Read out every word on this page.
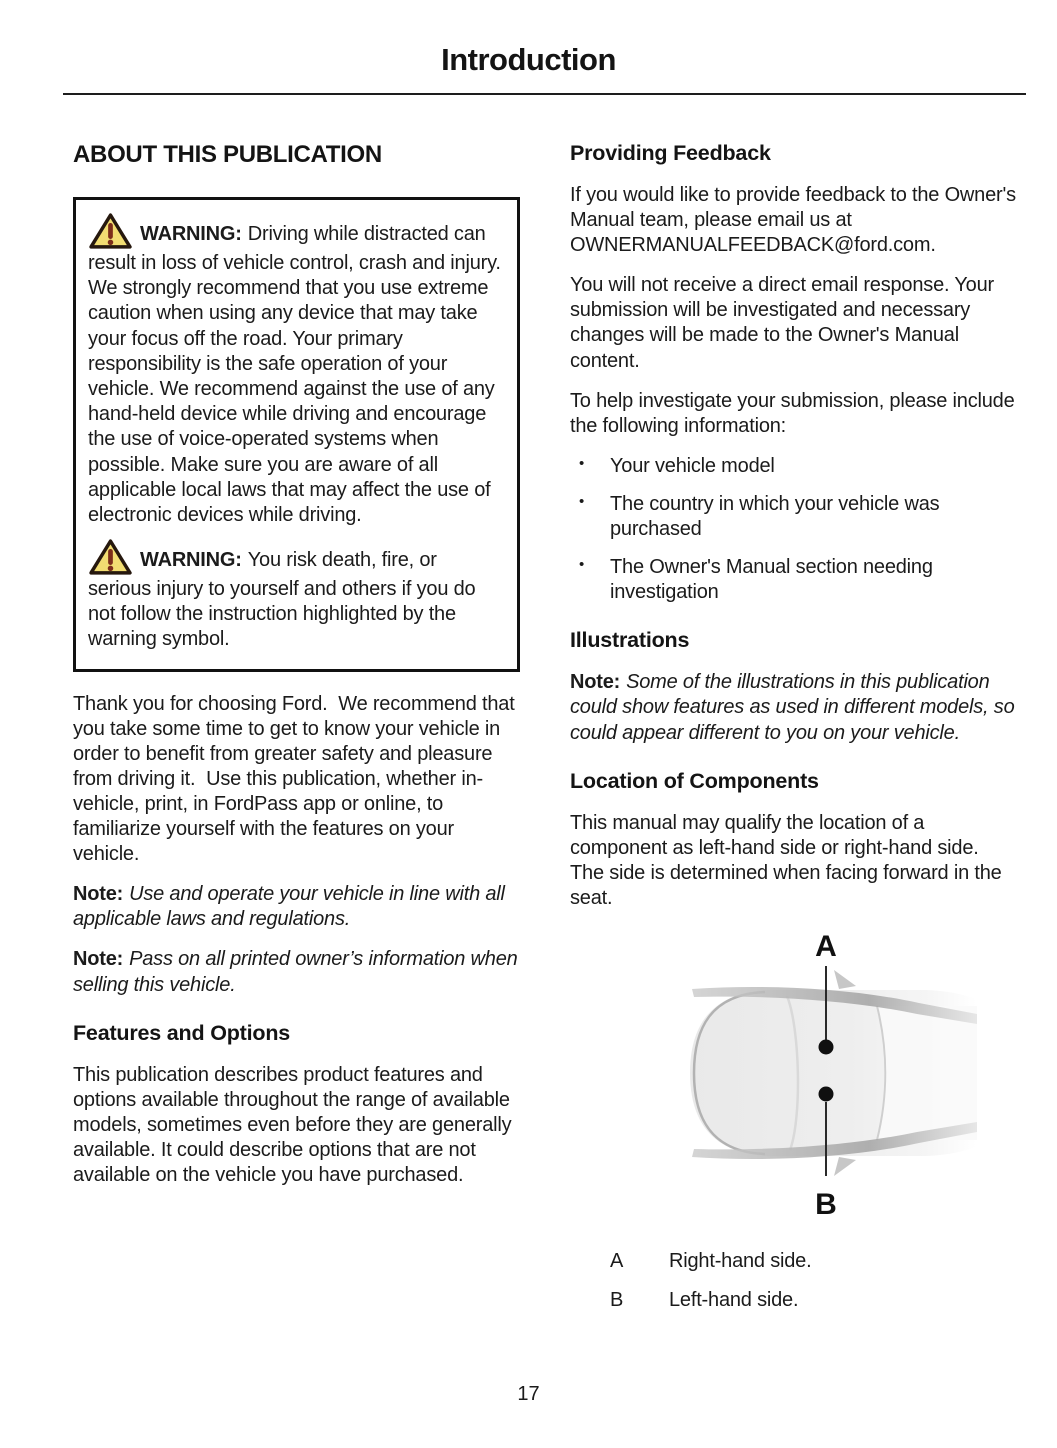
Introduction
ABOUT THIS PUBLICATION

WARNING: Driving while distracted can result in loss of vehicle control, crash and injury. We strongly recommend that you use extreme caution when using any device that may take your focus off the road. Your primary responsibility is the safe operation of your vehicle. We recommend against the use of any hand-held device while driving and encourage the use of voice-operated systems when possible. Make sure you are aware of all applicable local laws that may affect the use of electronic devices while driving.

WARNING: You risk death, fire, or serious injury to yourself and others if you do not follow the instruction highlighted by the warning symbol.

Thank you for choosing Ford.  We recommend that you take some time to get to know your vehicle in order to benefit from greater safety and pleasure from driving it.  Use this publication, whether in-vehicle, print, in FordPass app or online, to familiarize yourself with the features on your vehicle.

Note: Use and operate your vehicle in line with all applicable laws and regulations.

Note: Pass on all printed owner’s information when selling this vehicle.

Features and Options

This publication describes product features and options available throughout the range of available models, sometimes even before they are generally available. It could describe options that are not available on the vehicle you have purchased.

Providing Feedback

If you would like to provide feedback to the Owner's Manual team, please email us at OWNERMANUALFEEDBACK@ford.com.

You will not receive a direct email response. Your submission will be investigated and necessary changes will be made to the Owner's Manual content.

To help investigate your submission, please include the following information:

• Your vehicle model
• The country in which your vehicle was purchased
• The Owner's Manual section needing investigation
Illustrations

Note: Some of the illustrations in this publication could show features as used in different models, so could appear different to you on your vehicle.

Location of Components

This manual may qualify the location of a component as left-hand side or right-hand side.  The side is determined when facing forward in the seat.

A
B
A	Right-hand side.
B	Left-hand side.
17
